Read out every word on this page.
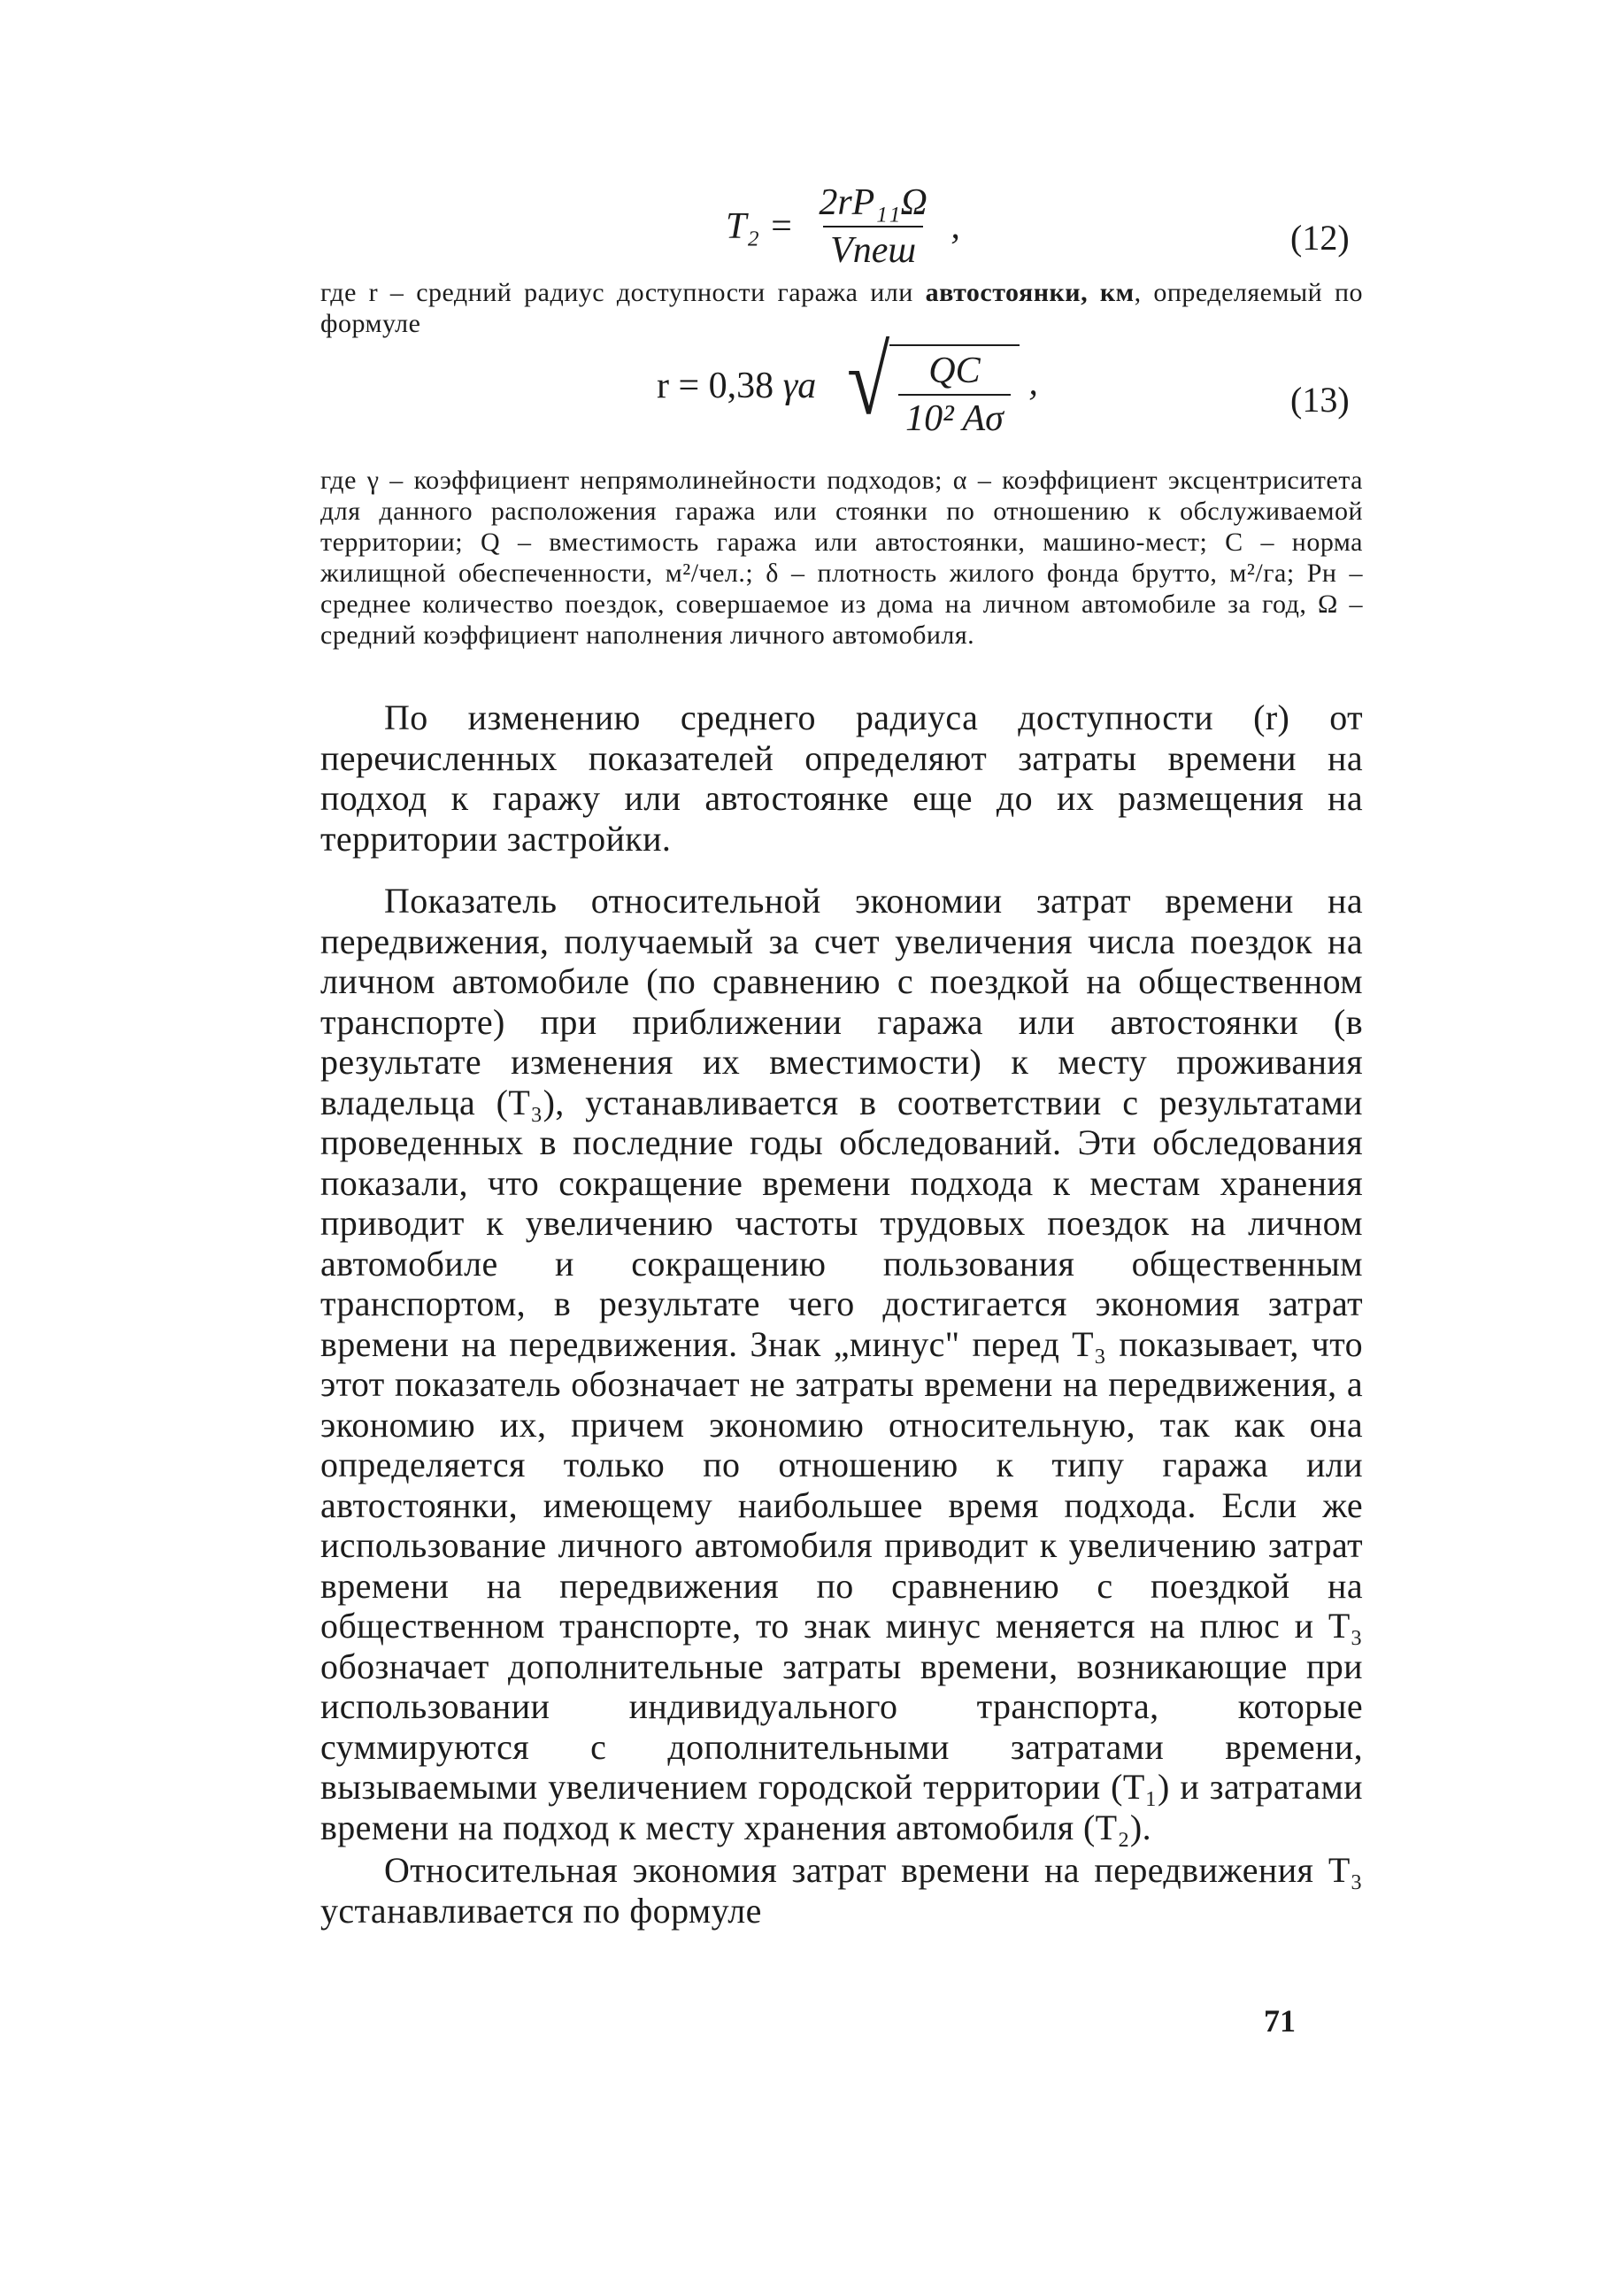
$T_2 = \frac{\text{2rP₁₁Ω}}{\text{Vпеш}}$ ,	(12)
где r – средний радиус доступности гаража или автостоянки, км, определяемый по формуле
r = 0,38 γa √ $\frac{QC}{\text{10² Aσ}}$ ,	(13)
где γ – коэффициент непрямолинейности подходов; α – коэффициент эксцентриситета для данного расположения гаража или стоянки по отношению к обслуживаемой территории; Q – вместимость гаража или автостоянки, машино-мест; C – норма жилищной обеспеченности, м²/чел.; δ – плотность жилого фонда брутто, м²/га; Pн – среднее количество поездок, совершаемое из дома на личном автомобиле за год, Ω – средний коэффициент наполнения личного автомобиля.

По изменению среднего радиуса доступности (r) от перечисленных показателей определяют затраты времени на подход к гаражу или автостоянке еще до их размещения на территории застройки.

Показатель относительной экономии затрат времени на передвижения, получаемый за счет увеличения числа поездок на личном автомобиле (по сравнению с поездкой на общественном транспорте) при приближении гаража или автостоянки (в результате изменения их вместимости) к месту проживания владельца (T₃), устанавливается в соответствии с результатами проведенных в последние годы обследований. Эти обследования показали, что сокращение времени подхода к местам хранения приводит к увеличению частоты трудовых поездок на личном автомобиле и сокращению пользования общественным транспортом, в результате чего достигается экономия затрат времени на передвижения. Знак „минус" перед T₃ показывает, что этот показатель обозначает не затраты времени на передвижения, а экономию их, причем экономию относительную, так как она определяется только по отношению к типу гаража или автостоянки, имеющему наибольшее время подхода. Если же использование личного автомобиля приводит к увеличению затрат времени на передвижения по сравнению с поездкой на общественном транспорте, то знак минус меняется на плюс и T₃ обозначает дополнительные затраты времени, возникающие при использовании индивидуального транспорта, которые суммируются с дополнительными затратами времени, вызываемыми увеличением городской территории (T₁) и затратами времени на подход к месту хранения автомобиля (T₂).

Относительная экономия затрат времени на передвижения T₃ устанавливается по формуле

71
